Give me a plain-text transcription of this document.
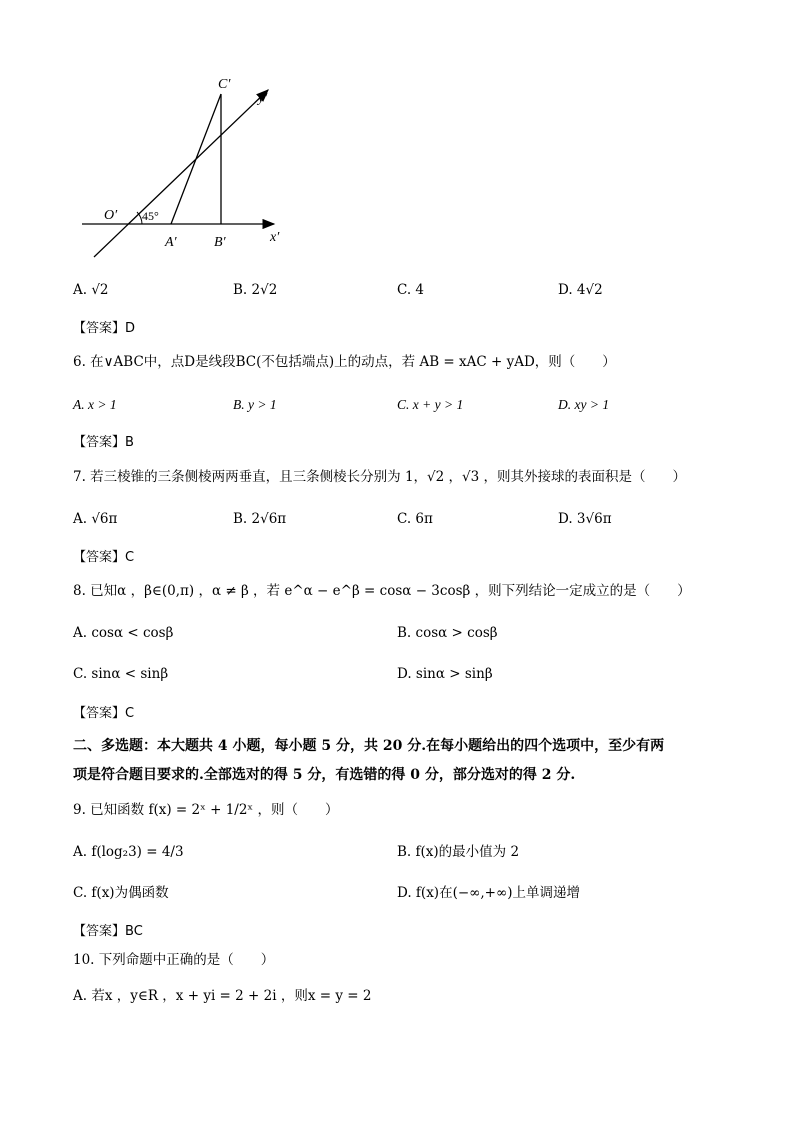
C′
y′
O′ 45°
A′	B′	x′
A. √2	B. 2√2	C. 4	D. 4√2
【答案】D
6. 在∨ABC中，点D是线段BC(不包括端点)上的动点，若 AB = xAC + yAD，则（　　）
A. x > 1	B. y > 1	C. x + y > 1	D. xy > 1
【答案】B
7. 若三棱锥的三条侧棱两两垂直，且三条侧棱长分别为 1，√2 ，√3 ，则其外接球的表面积是（　　）
A. √6π	B. 2√6π	C. 6π	D. 3√6π
【答案】C
8. 已知α ，β∈(0,π) ，α ≠ β ，若 e^α − e^β = cosα − 3cosβ ，则下列结论一定成立的是（　　）
A. cosα < cosβ	B. cosα > cosβ
C. sinα < sinβ	D. sinα > sinβ
【答案】C
二、多选题：本大题共 4 小题，每小题 5 分，共 20 分.在每小题给出的四个选项中，至少有两
项是符合题目要求的.全部选对的得 5 分，有选错的得 0 分，部分选对的得 2 分.
9. 已知函数 f(x) = 2ˣ + 1/2ˣ ，则（　　）
A. f(log₂3) = 4/3	B. f(x)的最小值为 2
C. f(x)为偶函数	D. f(x)在(−∞,+∞)上单调递增
【答案】BC
10. 下列命题中正确的是（　　）
A. 若x ，y∈R ，x + yi = 2 + 2i ，则x = y = 2
